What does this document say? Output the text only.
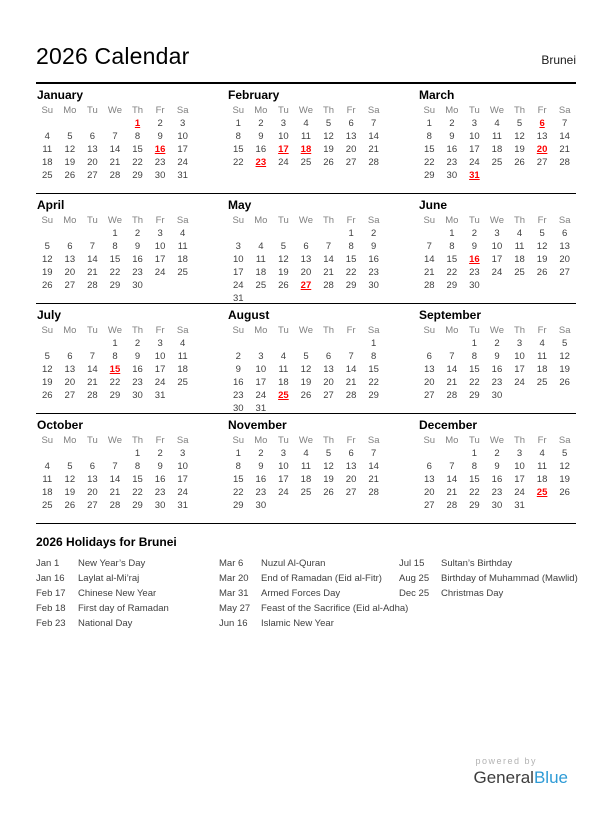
2026 Calendar	Brunei
January
Su	Mo	Tu	We	Th	Fr	Sa
				1	2	3
4	5	6	7	8	9	10
11	12	13	14	15	16	17
18	19	20	21	22	23	24
25	26	27	28	29	30	31
February
Su	Mo	Tu	We	Th	Fr	Sa
1	2	3	4	5	6	7
8	9	10	11	12	13	14
15	16	17	18	19	20	21
22	23	24	25	26	27	28
March
Su	Mo	Tu	We	Th	Fr	Sa
1	2	3	4	5	6	7
8	9	10	11	12	13	14
15	16	17	18	19	20	21
22	23	24	25	26	27	28
29	30	31				
April
Su	Mo	Tu	We	Th	Fr	Sa
			1	2	3	4
5	6	7	8	9	10	11
12	13	14	15	16	17	18
19	20	21	22	23	24	25
26	27	28	29	30		
May
Su	Mo	Tu	We	Th	Fr	Sa
					1	2
3	4	5	6	7	8	9
10	11	12	13	14	15	16
17	18	19	20	21	22	23
24	25	26	27	28	29	30
31						
June
Su	Mo	Tu	We	Th	Fr	Sa
	1	2	3	4	5	6
7	8	9	10	11	12	13
14	15	16	17	18	19	20
21	22	23	24	25	26	27
28	29	30				
July
Su	Mo	Tu	We	Th	Fr	Sa
			1	2	3	4
5	6	7	8	9	10	11
12	13	14	15	16	17	18
19	20	21	22	23	24	25
26	27	28	29	30	31	
August
Su	Mo	Tu	We	Th	Fr	Sa
						1
2	3	4	5	6	7	8
9	10	11	12	13	14	15
16	17	18	19	20	21	22
23	24	25	26	27	28	29
30	31					
September
Su	Mo	Tu	We	Th	Fr	Sa
		1	2	3	4	5
6	7	8	9	10	11	12
13	14	15	16	17	18	19
20	21	22	23	24	25	26
27	28	29	30			
October
Su	Mo	Tu	We	Th	Fr	Sa
				1	2	3
4	5	6	7	8	9	10
11	12	13	14	15	16	17
18	19	20	21	22	23	24
25	26	27	28	29	30	31
November
Su	Mo	Tu	We	Th	Fr	Sa
1	2	3	4	5	6	7
8	9	10	11	12	13	14
15	16	17	18	19	20	21
22	23	24	25	26	27	28
29	30					
December
Su	Mo	Tu	We	Th	Fr	Sa
		1	2	3	4	5
6	7	8	9	10	11	12
13	14	15	16	17	18	19
20	21	22	23	24	25	26
27	28	29	30	31		
2026 Holidays for Brunei
Jan 1 New Year’s Day
Jan 16 Laylat al-Mi’raj
Feb 17 Chinese New Year
Feb 18 First day of Ramadan
Feb 23 National Day
Mar 6 Nuzul Al-Quran
Mar 20 End of Ramadan (Eid al-Fitr)
Mar 31 Armed Forces Day
May 27 Feast of the Sacrifice (Eid al-Adha)
Jun 16 Islamic New Year
Jul 15 Sultan’s Birthday
Aug 25 Birthday of Muhammad (Mawlid)
Dec 25 Christmas Day
powered by
GeneralBlue
